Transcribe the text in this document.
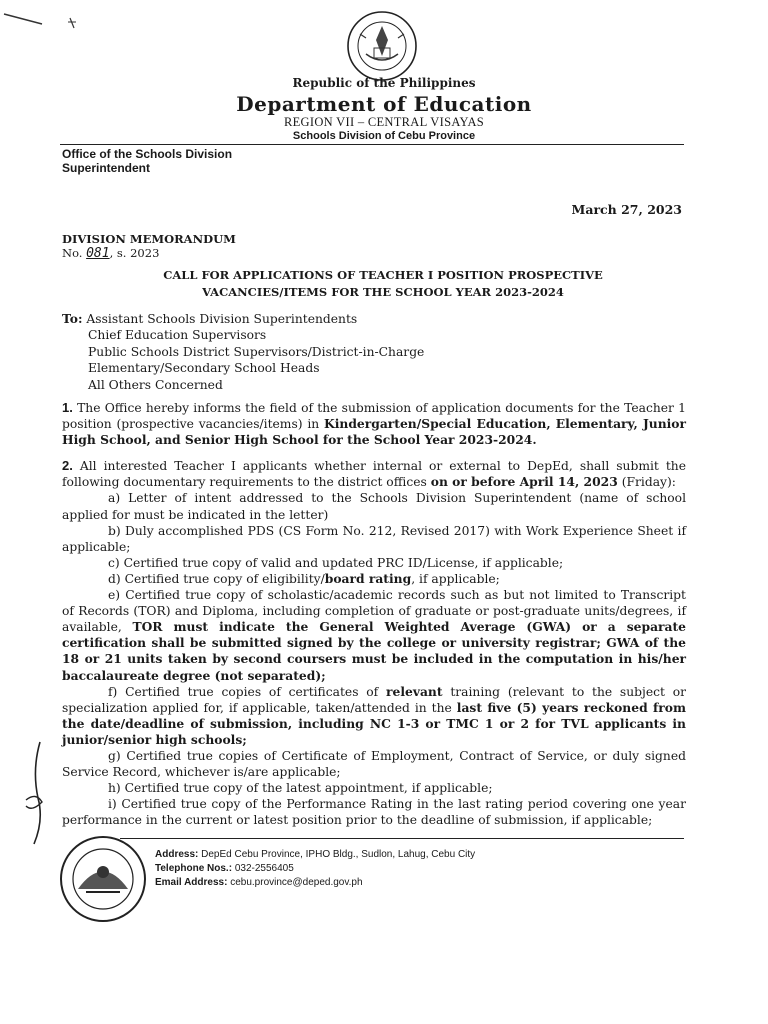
Republic of the Philippines
Department of Education
REGION VII – CENTRAL VISAYAS
Schools Division of Cebu Province
Office of the Schools Division
Superintendent
March 27, 2023
DIVISION MEMORANDUM
No. 081, s. 2023
CALL FOR APPLICATIONS OF TEACHER I POSITION PROSPECTIVE
VACANCIES/ITEMS FOR THE SCHOOL YEAR 2023-2024
To: Assistant Schools Division Superintendents
Chief Education Supervisors
Public Schools District Supervisors/District-in-Charge
Elementary/Secondary School Heads
All Others Concerned

1. The Office hereby informs the field of the submission of application documents for the Teacher 1 position (prospective vacancies/items) in Kindergarten/Special Education, Elementary, Junior High School, and Senior High School for the School Year 2023-2024.

2. All interested Teacher I applicants whether internal or external to DepEd, shall submit the following documentary requirements to the district offices on or before April 14, 2023 (Friday):

a) Letter of intent addressed to the Schools Division Superintendent (name of school applied for must be indicated in the letter)

b) Duly accomplished PDS (CS Form No. 212, Revised 2017) with Work Experience Sheet if applicable;

c) Certified true copy of valid and updated PRC ID/License, if applicable;

d) Certified true copy of eligibility/board rating, if applicable;

e) Certified true copy of scholastic/academic records such as but not limited to Transcript of Records (TOR) and Diploma, including completion of graduate or post-graduate units/degrees, if available, TOR must indicate the General Weighted Average (GWA) or a separate certification shall be submitted signed by the college or university registrar; GWA of the 18 or 21 units taken by second coursers must be included in the computation in his/her baccalaureate degree (not separated);

f) Certified true copies of certificates of relevant training (relevant to the subject or specialization applied for, if applicable, taken/attended in the last five (5) years reckoned from the date/deadline of submission, including NC 1-3 or TMC 1 or 2 for TVL applicants in junior/senior high schools;

g) Certified true copies of Certificate of Employment, Contract of Service, or duly signed Service Record, whichever is/are applicable;

h) Certified true copy of the latest appointment, if applicable;

i) Certified true copy of the Performance Rating in the last rating period covering one year performance in the current or latest position prior to the deadline of submission, if applicable;

Address: DepEd Cebu Province, IPHO Bldg., Sudlon, Lahug, Cebu City
Telephone Nos.: 032-2556405
Email Address: cebu.province@deped.gov.ph
